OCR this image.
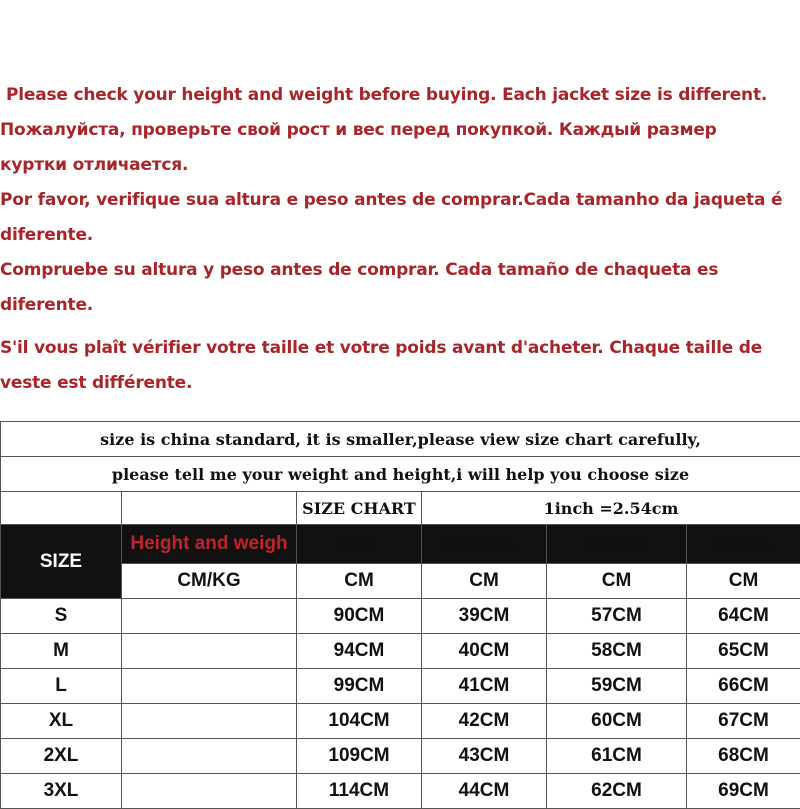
Please check your height and weight before buying. Each jacket size is different.

Пожалуйста, проверьте свой рост и вес перед покупкой. Каждый размер

куртки отличается.

Por favor, verifique sua altura e peso antes de comprar.Cada tamanho da jaqueta é

diferente.

Compruebe su altura y peso antes de comprar. Cada tamaño de chaqueta es

diferente.

S'il vous plaît vérifier votre taille et votre poids avant d'acheter. Chaque taille de

veste est différente.

size is china standard, it is smaller,please view size chart carefully,					
please tell me your weight and height,i will help you choose size					
		SIZE CHART	1inch =2.54cm		
SIZE	Height and weigh	Bust	Shoulder	Sleeve	length
	CM/KG	CM	CM	CM	CM
S		90CM	39CM	57CM	64CM
M		94CM	40CM	58CM	65CM
L		99CM	41CM	59CM	66CM
XL		104CM	42CM	60CM	67CM
2XL		109CM	43CM	61CM	68CM
3XL		114CM	44CM	62CM	69CM
